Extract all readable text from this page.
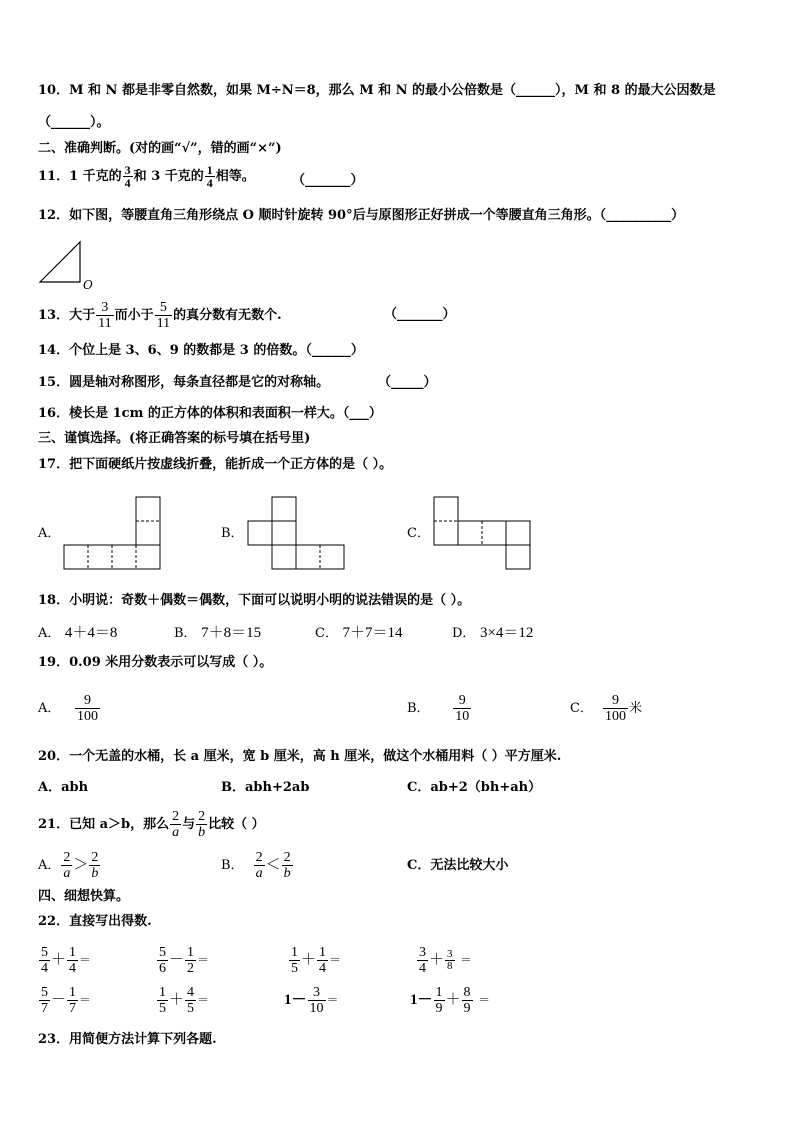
10．M 和 N 都是非零自然数，如果 M÷N＝8，那么 M 和 N 的最小公倍数是（______），M 和 8 的最大公因数是
（______）。
二、准确判断。(对的画“√”，错的画“×”)
11．1 千克的 $\frac{3}{4}$ 和 3 千克的 $\frac{1}{4}$ 相等。	（_______）
12．如下图，等腰直角三角形绕点 O 顺时针旋转 90°后与原图形正好拼成一个等腰直角三角形。（__________）
O
13．大于 $\frac{3}{11}$ 而小于 $\frac{5}{11}$ 的真分数有无数个.	（_______）
14．个位上是 3、6、9 的数都是 3 的倍数。（______）
15．圆是轴对称图形，每条直径都是它的对称轴。	（_____）
16．棱长是 1cm 的正方体的体积和表面积一样大。（___）
三、谨慎选择。(将正确答案的标号填在括号里)
17．把下面硬纸片按虚线折叠，能折成一个正方体的是（ ）。
A．	B．	C．
18．小明说：奇数＋偶数＝偶数，下面可以说明小明的说法错误的是（ ）。
A． 4＋4＝8	B． 7＋8＝15	C． 7＋7＝14	D． 3×4＝12
19．0.09 米用分数表示可以写成（ ）。
A． $\frac{9}{100}$	B． $\frac{9}{10}$	C． $\frac{9}{100}$ 米
20．一个无盖的水桶，长 a 厘米，宽 b 厘米，高 h 厘米，做这个水桶用料（ ）平方厘米.
A．abh	B．abh+2ab	C．ab+2（bh+ah）
21．已知 a＞b，那么 $\frac{2}{a}$ 与 $\frac{2}{b}$ 比较（ ）
A． $\frac{2}{a} > \frac{2}{b}$	B． $\frac{2}{a} < \frac{2}{b}$	C．无法比较大小
四、细想快算。
22．直接写出得数.
$\frac{5}{4} + \frac{1}{4}$ ＝	$\frac{5}{6} - \frac{1}{2}$ ＝	$\frac{1}{5} + \frac{1}{4}$ ＝	$\frac{3}{4} + \frac{3}{8}$ ＝
$\frac{5}{7} - \frac{1}{7}$ ＝	$\frac{1}{5} + \frac{4}{5}$ ＝	$1- \frac{3}{10}$ ＝	$1- \frac{1}{9} + \frac{8}{9}$ ＝
23．用简便方法计算下列各题.
